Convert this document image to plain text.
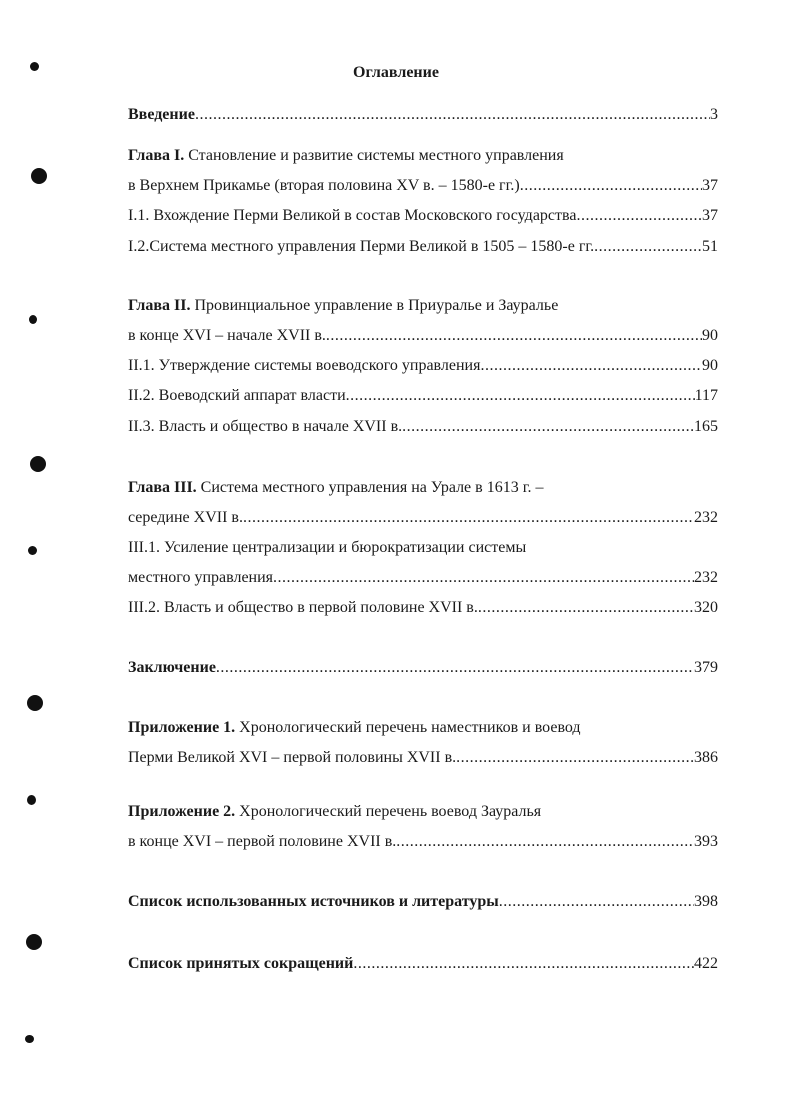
Оглавление
Введение .....	3
Глава I. Становление и развитие системы местного управления
в Верхнем Прикамье (вторая половина XV в. – 1580-е гг.) .....	37
I.1. Вхождение Перми Великой в состав Московского государства .....	37
I.2.Система местного управления Перми Великой в 1505 – 1580-е гг. .....	51
Глава II. Провинциальное управление в Приуралье и Зауралье
в конце XVI – начале XVII в. .....	90
II.1. Утверждение системы воеводского управления .....	90
II.2. Воеводский аппарат власти .....	117
II.3. Власть и общество в начале XVII в. .....	165
Глава III. Система местного управления на Урале в 1613 г. –
середине XVII в. .....	232
III.1. Усиление централизации и бюрократизации системы
местного управления .....	232
III.2. Власть и общество в первой половине XVII в. .....	320
Заключение .....	379
Приложение 1. Хронологический перечень наместников и воевод
Перми Великой XVI – первой половины XVII в. .....	386
Приложение 2. Хронологический перечень воевод Зауралья
в конце XVI – первой половине XVII в. .....	393
Список использованных источников и литературы .....	398
Список принятых сокращений .....	422
